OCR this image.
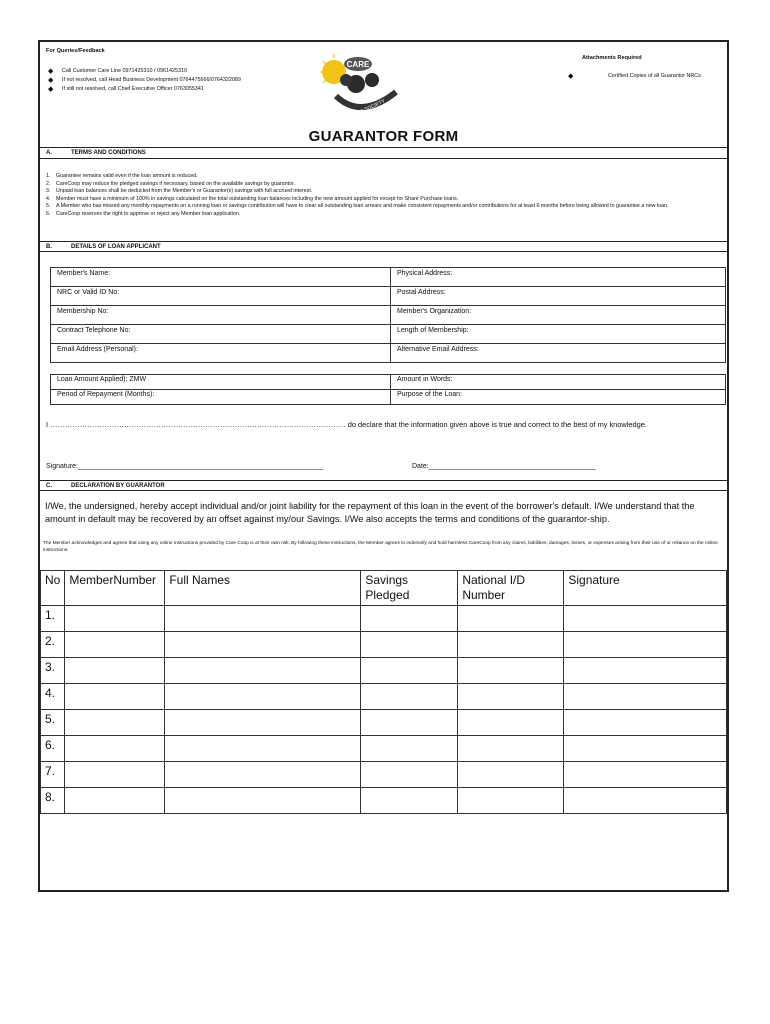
For Queries/Feedback
◆	Call Customer Care Line 0971425310 / 0961425310
◆	If not resolved, call Head Business Development 0764475666/0764322089
◆	If still not resolved, call Chief Executive Officer 0763055341
CARE
COOP SOCIETY
Attachments Required
◆	Certified Copies of all Guarantor NRCs
GUARANTOR FORM
A.	TERMS AND CONDITIONS
1.	Guarantee remains valid even if the loan amount is reduced.
2.	CareCoop may reduce the pledged savings if necessary, based on the available savings by guarantor.
3.	Unpaid loan balances shall be deducted from the Member's or Guarantor(s) savings with full accrued interest.
4.	Member must have a minimum of 100% in savings calculated on the total outstanding loan balances including the new amount applied for except for Share Purchase loans.
5.	A Member who has missed any monthly repayments on a running loan or savings contribution will have to clear all outstanding loan arrears and make consistent repayments and/or contributions for at least 6 months before being allowed to guarantee a new loan.
6.	CareCoop reserves the right to approve or reject any Member loan application.
B.	DETAILS OF LOAN APPLICANT
Member's Name:	Physical Address:
NRC or Valid ID No:	Postal Address:
Membership No:	Member's Organization:
Contract Telephone No:	Length of Membership:
Email Address (Personal):	Alternative Email Address:
Loan Amount Applied): ZMW	Amount in Words:
Period of Repayment (Months):	Purpose of the Loan:
I ………………………………………………………………………………………………………… do declare that the information given above is true and correct to the best of my knowledge.
Signature:_______________________________________________________________	Date:___________________________________________
C.	DECLARATION BY GUARANTOR
I/We, the undersigned, hereby accept individual and/or joint liability for the repayment of this loan in the event of the borrower's default. I/We understand that the amount in default may be recovered by an offset against my/our Savings. I/We also accepts the terms and conditions of the guarantor-ship.
The Member acknowledges and agrees that using any online instructions provided by Care Coop is at their own risk. By following these instructions, the Member agrees to indemnify and hold harmless CareCoop from any claims, liabilities, damages, losses, or expenses arising from their use of or reliance on the online instructions.
No	MemberNumber	Full Names	Savings Pledged	National I/D Number	Signature
1.					
2.					
3.					
4.					
5.					
6.					
7.					
8.					
